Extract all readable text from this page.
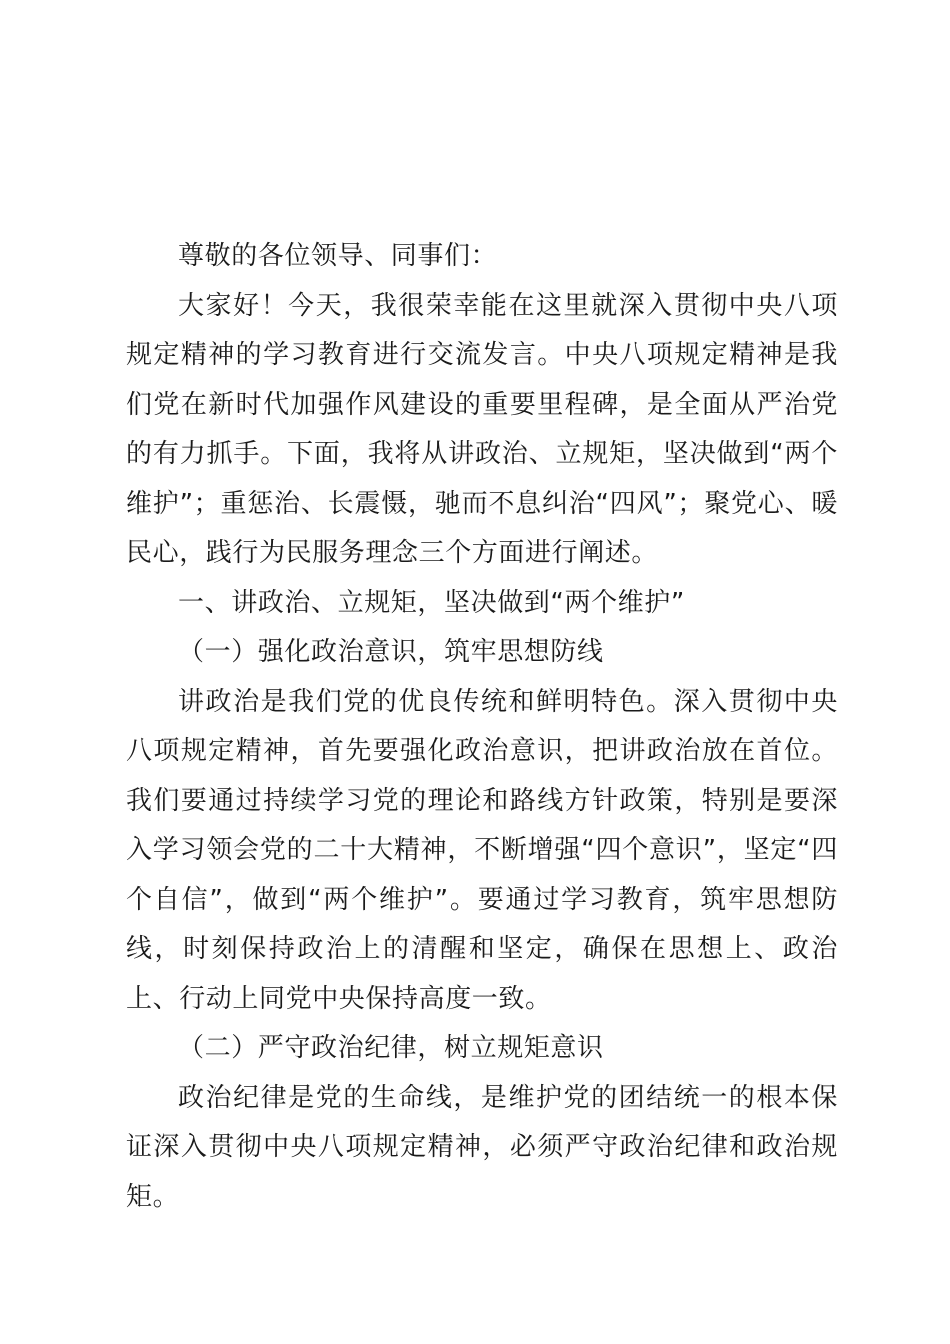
尊敬的各位领导、同事们：

大家好！今天，我很荣幸能在这里就深入贯彻中央八项规定精神的学习教育进行交流发言。中央八项规定精神是我们党在新时代加强作风建设的重要里程碑，是全面从严治党的有力抓手。下面，我将从讲政治、立规矩，坚决做到“两个维护”；重惩治、长震慑，驰而不息纠治“四风”；聚党心、暖民心，践行为民服务理念三个方面进行阐述。

一、讲政治、立规矩，坚决做到“两个维护”

（一）强化政治意识，筑牢思想防线

讲政治是我们党的优良传统和鲜明特色。深入贯彻中央八项规定精神，首先要强化政治意识，把讲政治放在首位。我们要通过持续学习党的理论和路线方针政策，特别是要深入学习领会党的二十大精神，不断增强“四个意识”，坚定“四个自信”，做到“两个维护”。要通过学习教育，筑牢思想防线，时刻保持政治上的清醒和坚定，确保在思想上、政治上、行动上同党中央保持高度一致。

（二）严守政治纪律，树立规矩意识

政治纪律是党的生命线，是维护党的团结统一的根本保证深入贯彻中央八项规定精神，必须严守政治纪律和政治规矩。
